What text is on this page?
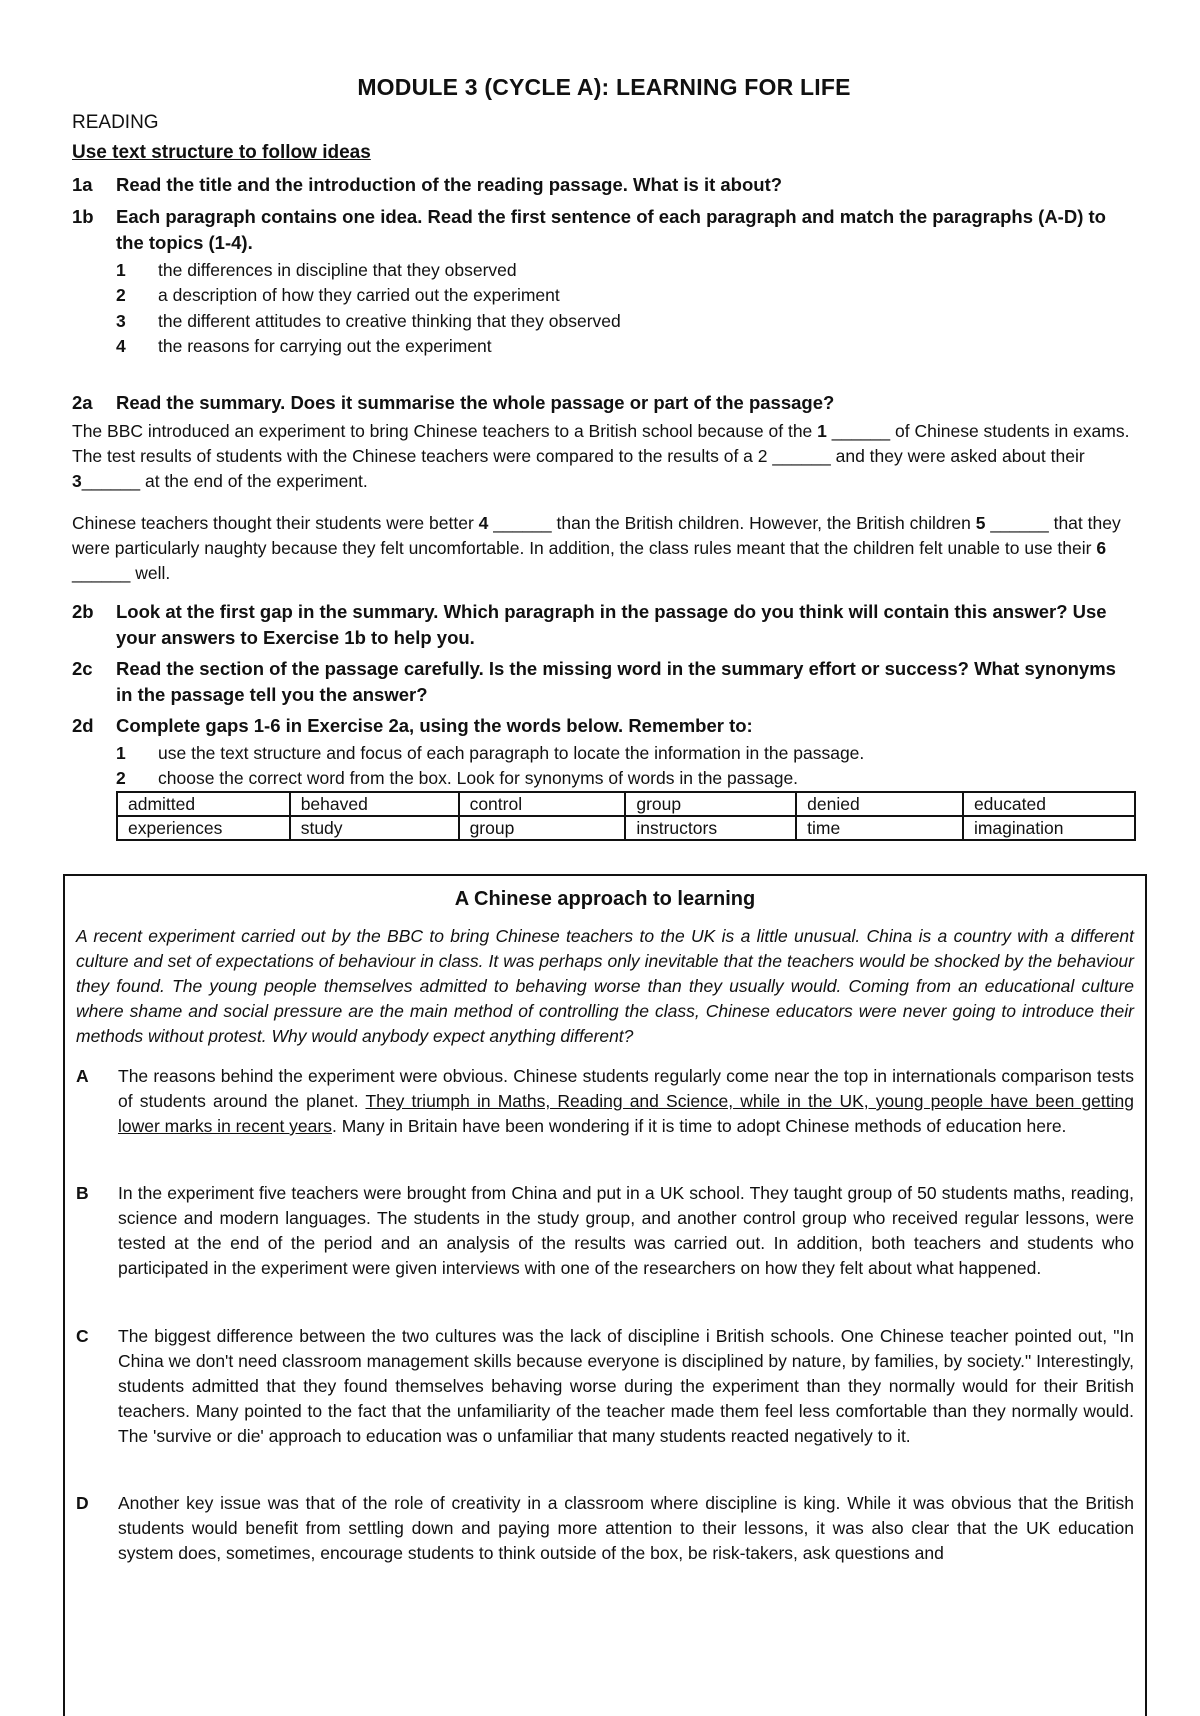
MODULE 3 (CYCLE A): LEARNING FOR LIFE
READING
Use text structure to follow ideas
1a	Read the title and the introduction of the reading passage. What is it about?
1b	Each paragraph contains one idea. Read the first sentence of each paragraph and match the paragraphs (A-D) to the topics (1-4).
1 the differences in discipline that they observed
2 a description of how they carried out the experiment
3 the different attitudes to creative thinking that they observed
4 the reasons for carrying out the experiment
2a	Read the summary. Does it summarise the whole passage or part of the passage?
The BBC introduced an experiment to bring Chinese teachers to a British school because of the 1 ______ of Chinese students in exams. The test results of students with the Chinese teachers were compared to the results of a 2 ______ and they were asked about their 3______ at the end of the experiment.
Chinese teachers thought their students were better 4 ______ than the British children. However, the British children 5 ______ that they were particularly naughty because they felt uncomfortable. In addition, the class rules meant that the children felt unable to use their 6 ______ well.
2b	Look at the first gap in the summary. Which paragraph in the passage do you think will contain this answer? Use your answers to Exercise 1b to help you.
2c	Read the section of the passage carefully. Is the missing word in the summary effort or success? What synonyms in the passage tell you the answer?
2d	Complete gaps 1-6 in Exercise 2a, using the words below. Remember to:
1 use the text structure and focus of each paragraph to locate the information in the passage.
2 choose the correct word from the box. Look for synonyms of words in the passage.
admitted	behaved	control	group	denied	educated
experiences	study	group	instructors	time	imagination
A Chinese approach to learning
A recent experiment carried out by the BBC to bring Chinese teachers to the UK is a little unusual. China is a country with a different culture and set of expectations of behaviour in class. It was perhaps only inevitable that the teachers would be shocked by the behaviour they found. The young people themselves admitted to behaving worse than they usually would. Coming from an educational culture where shame and social pressure are the main method of controlling the class, Chinese educators were never going to introduce their methods without protest. Why would anybody expect anything different?
A The reasons behind the experiment were obvious. Chinese students regularly come near the top in internationals comparison tests of students around the planet. They triumph in Maths, Reading and Science, while in the UK, young people have been getting lower marks in recent years. Many in Britain have been wondering if it is time to adopt Chinese methods of education here.
B In the experiment five teachers were brought from China and put in a UK school. They taught group of 50 students maths, reading, science and modern languages. The students in the study group, and another control group who received regular lessons, were tested at the end of the period and an analysis of the results was carried out. In addition, both teachers and students who participated in the experiment were given interviews with one of the researchers on how they felt about what happened.
C The biggest difference between the two cultures was the lack of discipline i British schools. One Chinese teacher pointed out, "In China we don't need classroom management skills because everyone is disciplined by nature, by families, by society." Interestingly, students admitted that they found themselves behaving worse during the experiment than they normally would for their British teachers. Many pointed to the fact that the unfamiliarity of the teacher made them feel less comfortable than they normally would. The 'survive or die' approach to education was o unfamiliar that many students reacted negatively to it.
D Another key issue was that of the role of creativity in a classroom where discipline is king. While it was obvious that the British students would benefit from settling down and paying more attention to their lessons, it was also clear that the UK education system does, sometimes, encourage students to think outside of the box, be risk-takers, ask questions and
